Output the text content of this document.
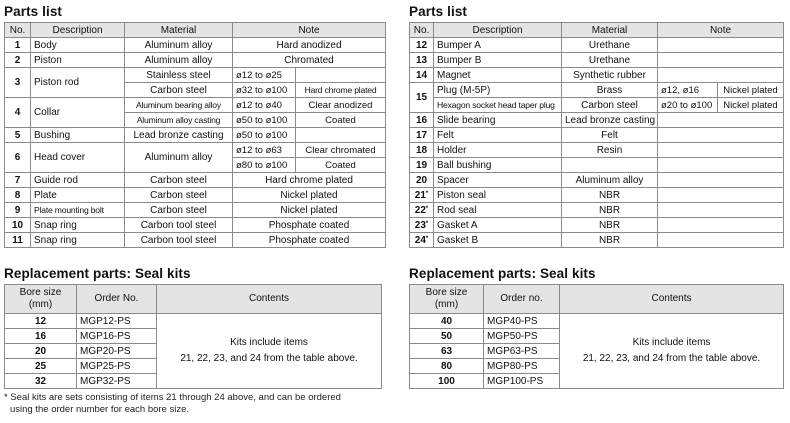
Parts list
No.	Description	Material	Note	
1	Body	Aluminum alloy	Hard anodized	
2	Piston	Aluminum alloy	Chromated	
3	Piston rod	Stainless steel	ø12 to ø25	
		Carbon steel	ø32 to ø100	Hard chrome plated
4	Collar	Aluminum bearing alloy	ø12 to ø40	Clear anodized
		Aluminum alloy casting	ø50 to ø100	Coated
5	Bushing	Lead bronze casting	ø50 to ø100	
6	Head cover	Aluminum alloy	ø12 to ø63	Clear chromated
			ø80 to ø100	Coated
7	Guide rod	Carbon steel	Hard chrome plated	
8	Plate	Carbon steel	Nickel plated	
9	Plate mounting bolt	Carbon steel	Nickel plated	
10	Snap ring	Carbon tool steel	Phosphate coated	
11	Snap ring	Carbon tool steel	Phosphate coated	
Parts list
No.	Description	Material	Note	
12	Bumper A	Urethane		
13	Bumper B	Urethane		
14	Magnet	Synthetic rubber		
15	Plug (M-5P)	Brass	ø12, ø16	Nickel plated
	Hexagon socket head taper plug	Carbon steel	ø20 to ø100	Nickel plated
16	Slide bearing	Lead bronze casting		
17	Felt	Felt		
18	Holder	Resin		
19	Ball bushing			
20	Spacer	Aluminum alloy		
21*	Piston seal	NBR		
22*	Rod seal	NBR		
23*	Gasket A	NBR		
24*	Gasket B	NBR		
Replacement parts: Seal kits
Bore size
(mm)	Order No.	Contents
12	MGP12-PS	Kits include items
21, 22, 23, and 24 from the table above.
16	MGP16-PS	
20	MGP20-PS	
25	MGP25-PS	
32	MGP32-PS	
* Seal kits are sets consisting of items 21 through 24 above, and can be ordered
using the order number for each bore size.
Replacement parts: Seal kits
Bore size
(mm)	Order no.	Contents
40	MGP40-PS	Kits include items
21, 22, 23, and 24 from the table above.
50	MGP50-PS	
63	MGP63-PS	
80	MGP80-PS	
100	MGP100-PS	
